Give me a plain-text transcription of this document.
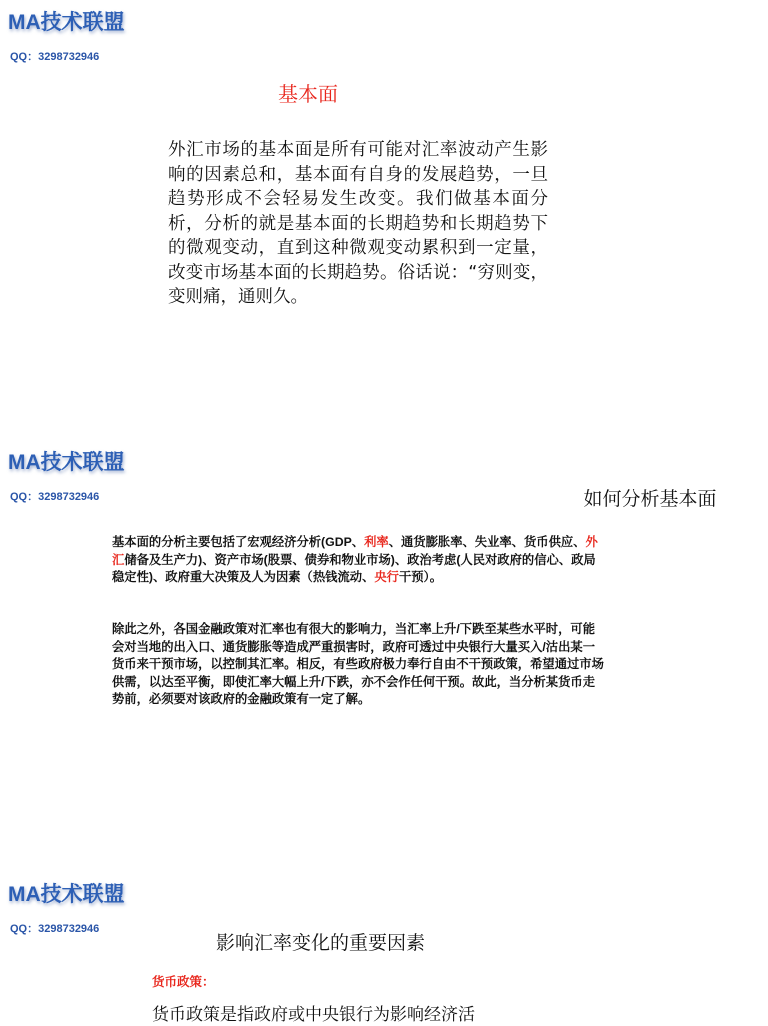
MA技术联盟
QQ：3298732946
基本面
外汇市场的基本面是所有可能对汇率波动产生影响的因素总和，基本面有自身的发展趋势，一旦趋势形成不会轻易发生改变。我们做基本面分析，分析的就是基本面的长期趋势和长期趋势下的微观变动，直到这种微观变动累积到一定量，改变市场基本面的长期趋势。俗话说：“穷则变，变则痛，通则久。
MA技术联盟
QQ：3298732946	如何分析基本面
基本面的分析主要包括了宏观经济分析(GDP、利率、通货膨胀率、失业率、货币供应、外汇储备及生产力)、资产市场(股票、债券和物业市场)、政治考虑(人民对政府的信心、政局稳定性)、政府重大决策及人为因素（热钱流动、央行干预）。
除此之外，各国金融政策对汇率也有很大的影响力，当汇率上升/下跌至某些水平时，可能会对当地的出入口、通货膨胀等造成严重损害时，政府可透过中央银行大量买入/沽出某一货币来干预市场，以控制其汇率。相反，有些政府极力奉行自由不干预政策，希望通过市场供需，以达至平衡，即使汇率大幅上升/下跌，亦不会作任何干预。故此，当分析某货币走势前，必须要对该政府的金融政策有一定了解。
MA技术联盟
QQ：3298732946
影响汇率变化的重要因素
货币政策：
货币政策是指政府或中央银行为影响经济活
